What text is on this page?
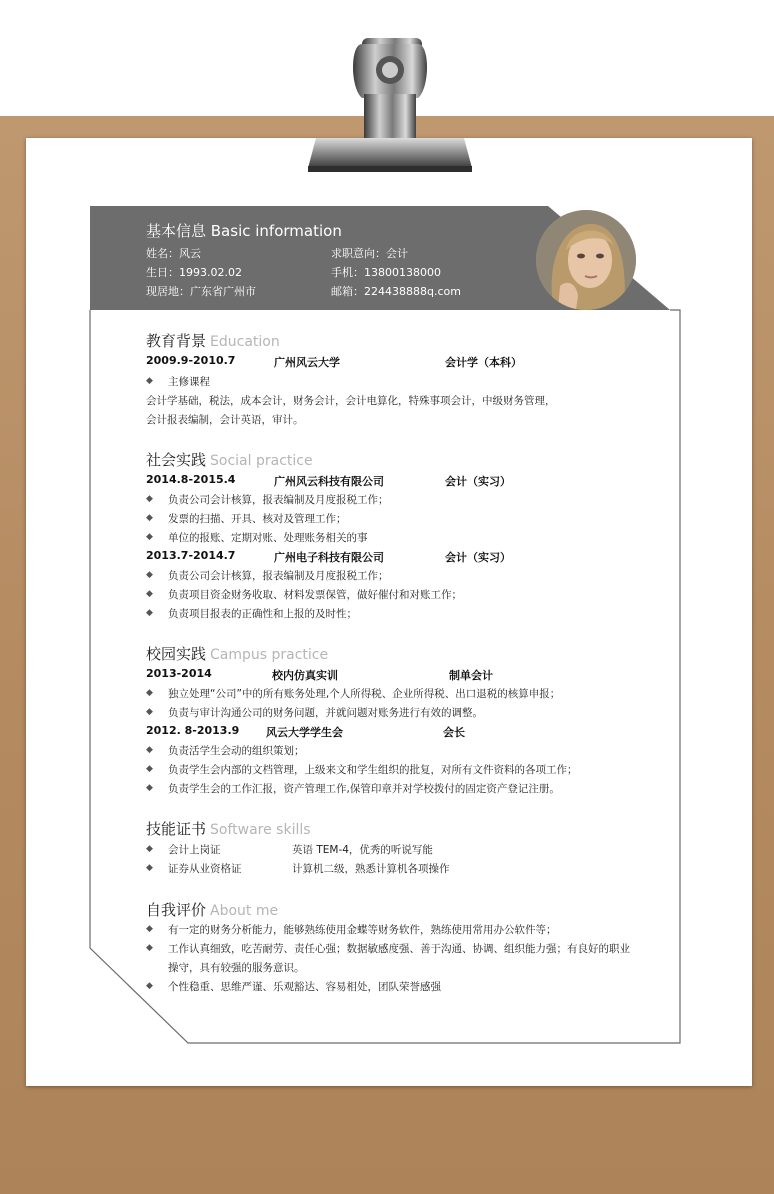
基本信息 Basic information
姓名：风云	求职意向：会计
生日：1993.02.02	手机：13800138000
现居地：广东省广州市	邮箱：224438888q.com
教育背景 Education
2009.9-2010.7	广州风云大学	会计学（本科）
◆ 主修课程
会计学基础，税法，成本会计，财务会计，会计电算化，特殊事项会计，中级财务管理，
会计报表编制，会计英语，审计。
社会实践 Social practice
2014.8-2015.4	广州风云科技有限公司	会计（实习）
◆ 负责公司会计核算，报表编制及月度报税工作；
◆ 发票的扫描、开具、核对及管理工作；
◆ 单位的报账、定期对账、处理账务相关的事
2013.7-2014.7	广州电子科技有限公司	会计（实习）
◆ 负责公司会计核算，报表编制及月度报税工作；
◆ 负责项目资金财务收取、材料发票保管，做好催付和对账工作；
◆ 负责项目报表的正确性和上报的及时性；
校园实践 Campus practice
2013-2014	校内仿真实训	制单会计
◆ 独立处理“公司”中的所有账务处理,个人所得税、企业所得税、出口退税的核算申报；
◆ 负责与审计沟通公司的财务问题，并就问题对账务进行有效的调整。
2012. 8-2013.9 风云大学学生会	会长
◆ 负责活学生会动的组织策划；
◆ 负责学生会内部的文档管理，上级来文和学生组织的批复，对所有文件资料的各项工作；
◆ 负责学生会的工作汇报，资产管理工作,保管印章并对学校拨付的固定资产登记注册。
技能证书 Software skills
◆ 会计上岗证	英语 TEM-4，优秀的听说写能
◆ 证券从业资格证	计算机二级，熟悉计算机各项操作
自我评价 About me
◆ 有一定的财务分析能力，能够熟练使用金蝶等财务软件，熟练使用常用办公软件等；
◆ 工作认真细致，吃苦耐劳、责任心强；数据敏感度强、善于沟通、协调、组织能力强；有良好的职业
操守，具有较强的服务意识。
◆ 个性稳重、思维严谨、乐观豁达、容易相处，团队荣誉感强
